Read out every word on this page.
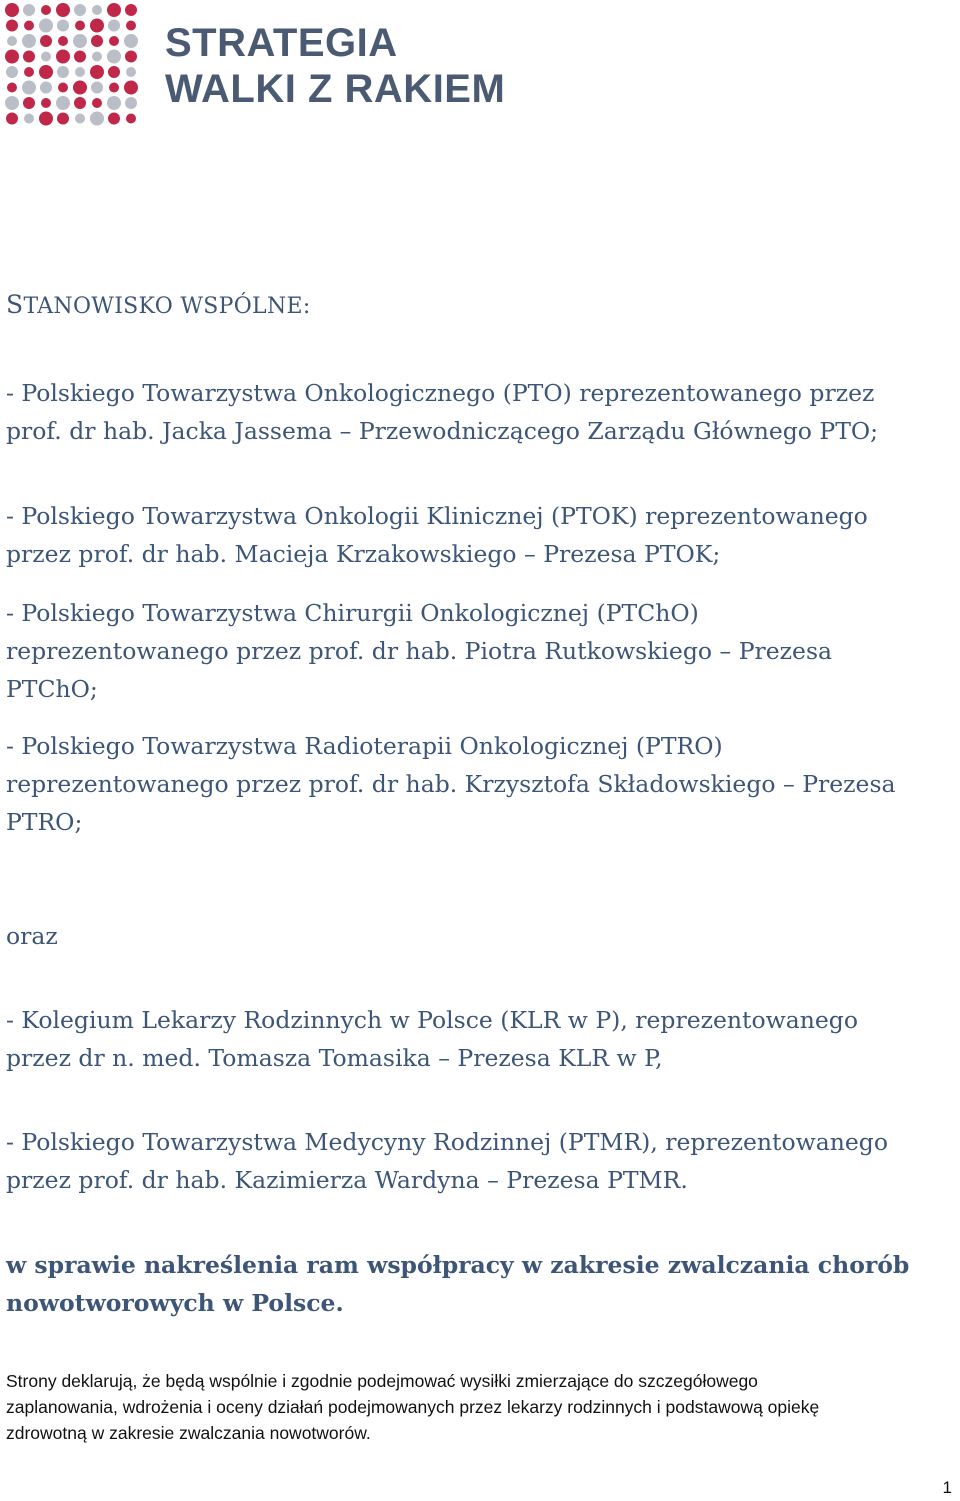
STRATEGIA
WALKI Z RAKIEM
STANOWISKO WSPÓLNE:
- Polskiego Towarzystwa Onkologicznego (PTO) reprezentowanego przez
prof. dr hab. Jacka Jassema – Przewodniczącego Zarządu Głównego PTO;
- Polskiego Towarzystwa Onkologii Klinicznej (PTOK) reprezentowanego
przez prof. dr hab. Macieja Krzakowskiego – Prezesa PTOK;
- Polskiego Towarzystwa Chirurgii Onkologicznej (PTChO)
reprezentowanego przez prof. dr hab. Piotra Rutkowskiego – Prezesa
PTChO;
- Polskiego Towarzystwa Radioterapii Onkologicznej (PTRO)
reprezentowanego przez prof. dr hab. Krzysztofa Składowskiego – Prezesa
PTRO;
oraz
- Kolegium Lekarzy Rodzinnych w Polsce (KLR w P), reprezentowanego
przez dr n. med. Tomasza Tomasika – Prezesa KLR w P,
- Polskiego Towarzystwa Medycyny Rodzinnej (PTMR), reprezentowanego
przez prof. dr hab. Kazimierza Wardyna – Prezesa PTMR.
w sprawie nakreślenia ram współpracy w zakresie zwalczania chorób
nowotworowych w Polsce.
Strony deklarują, że będą wspólnie i zgodnie podejmować wysiłki zmierzające do szczegółowego
zaplanowania, wdrożenia i oceny działań podejmowanych przez lekarzy rodzinnych i podstawową opiekę
zdrowotną w zakresie zwalczania nowotworów.
1
